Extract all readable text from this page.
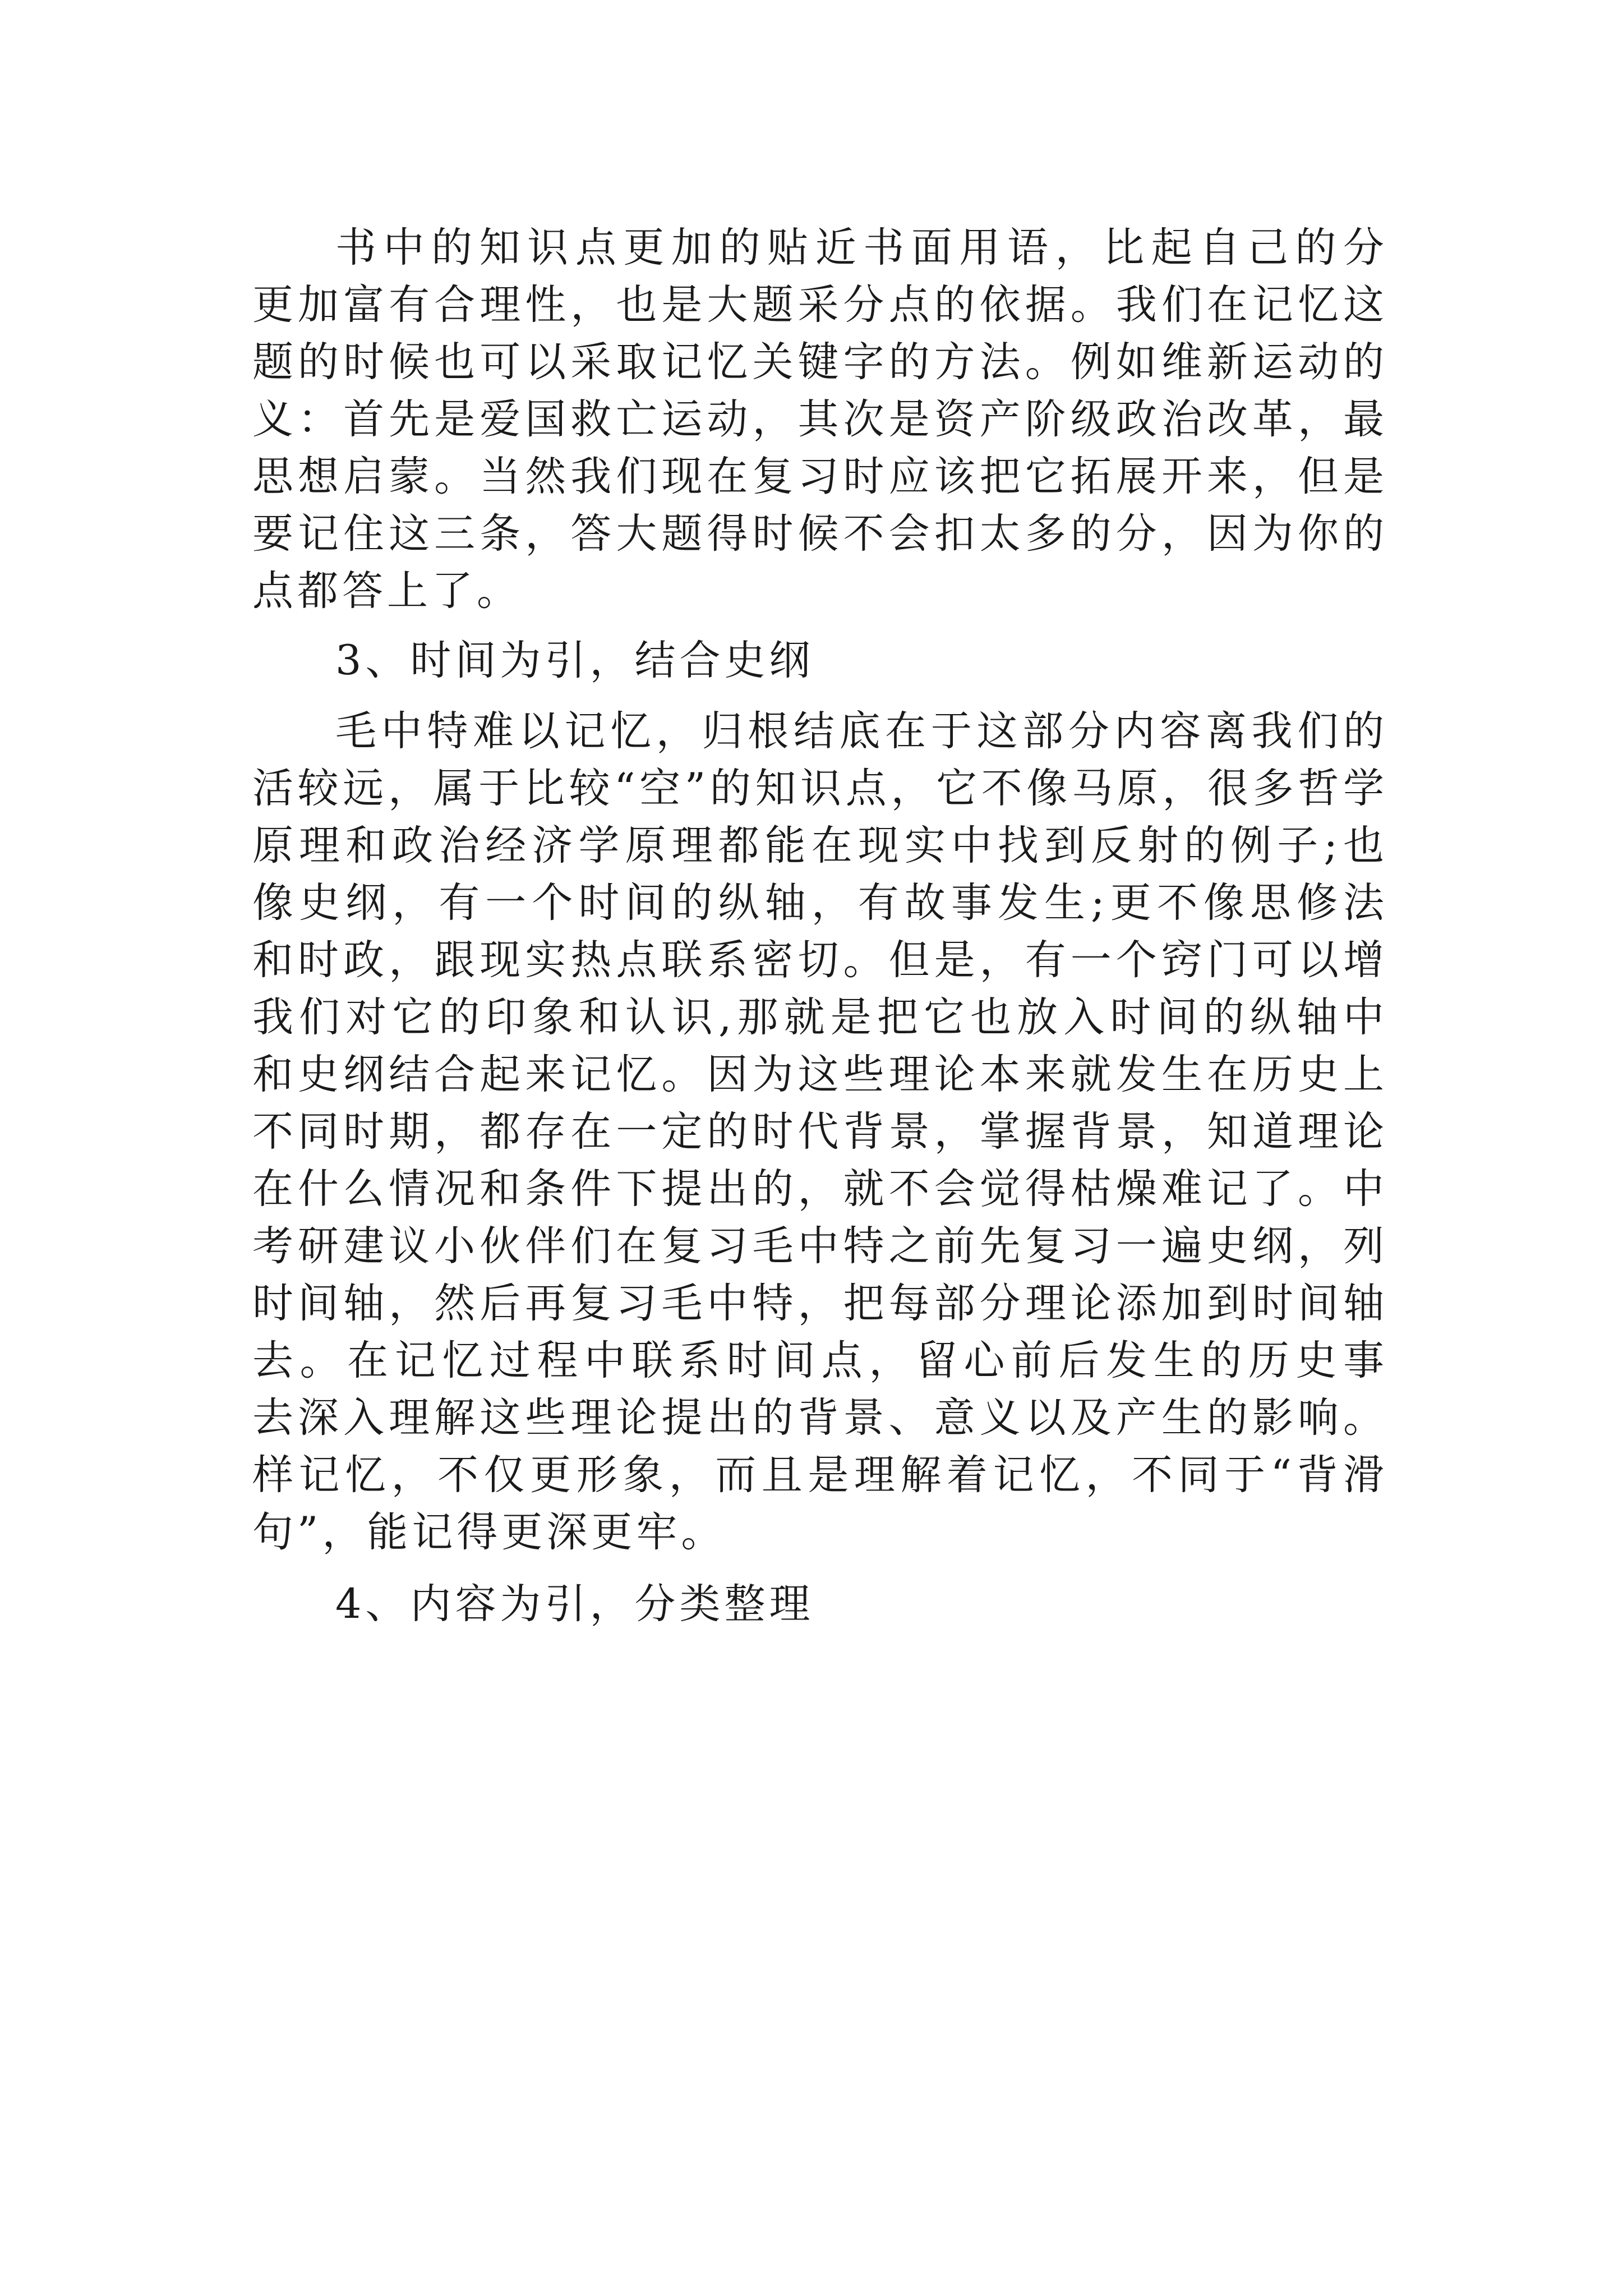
书中的知识点更加的贴近书面用语，比起自己的分
更加富有合理性，也是大题采分点的依据。我们在记忆这
题的时候也可以采取记忆关键字的方法。例如维新运动的
义：首先是爱国救亡运动，其次是资产阶级政治改革，最
思想启蒙。当然我们现在复习时应该把它拓展开来，但是
要记住这三条，答大题得时候不会扣太多的分，因为你的
点都答上了。
3、时间为引，结合史纲
毛中特难以记忆，归根结底在于这部分内容离我们的
活较远，属于比较“空”的知识点，它不像马原，很多哲学
原理和政治经济学原理都能在现实中找到反射的例子;也
像史纲，有一个时间的纵轴，有故事发生;更不像思修法
和时政，跟现实热点联系密切。但是，有一个窍门可以增
我们对它的印象和认识,那就是把它也放入时间的纵轴中
和史纲结合起来记忆。因为这些理论本来就发生在历史上
不同时期，都存在一定的时代背景，掌握背景，知道理论
在什么情况和条件下提出的，就不会觉得枯燥难记了。中
考研建议小伙伴们在复习毛中特之前先复习一遍史纲，列
时间轴，然后再复习毛中特，把每部分理论添加到时间轴
去。在记忆过程中联系时间点，留心前后发生的历史事
去深入理解这些理论提出的背景、意义以及产生的影响。
样记忆，不仅更形象，而且是理解着记忆，不同于“背滑
句”，能记得更深更牢。
4、内容为引，分类整理
